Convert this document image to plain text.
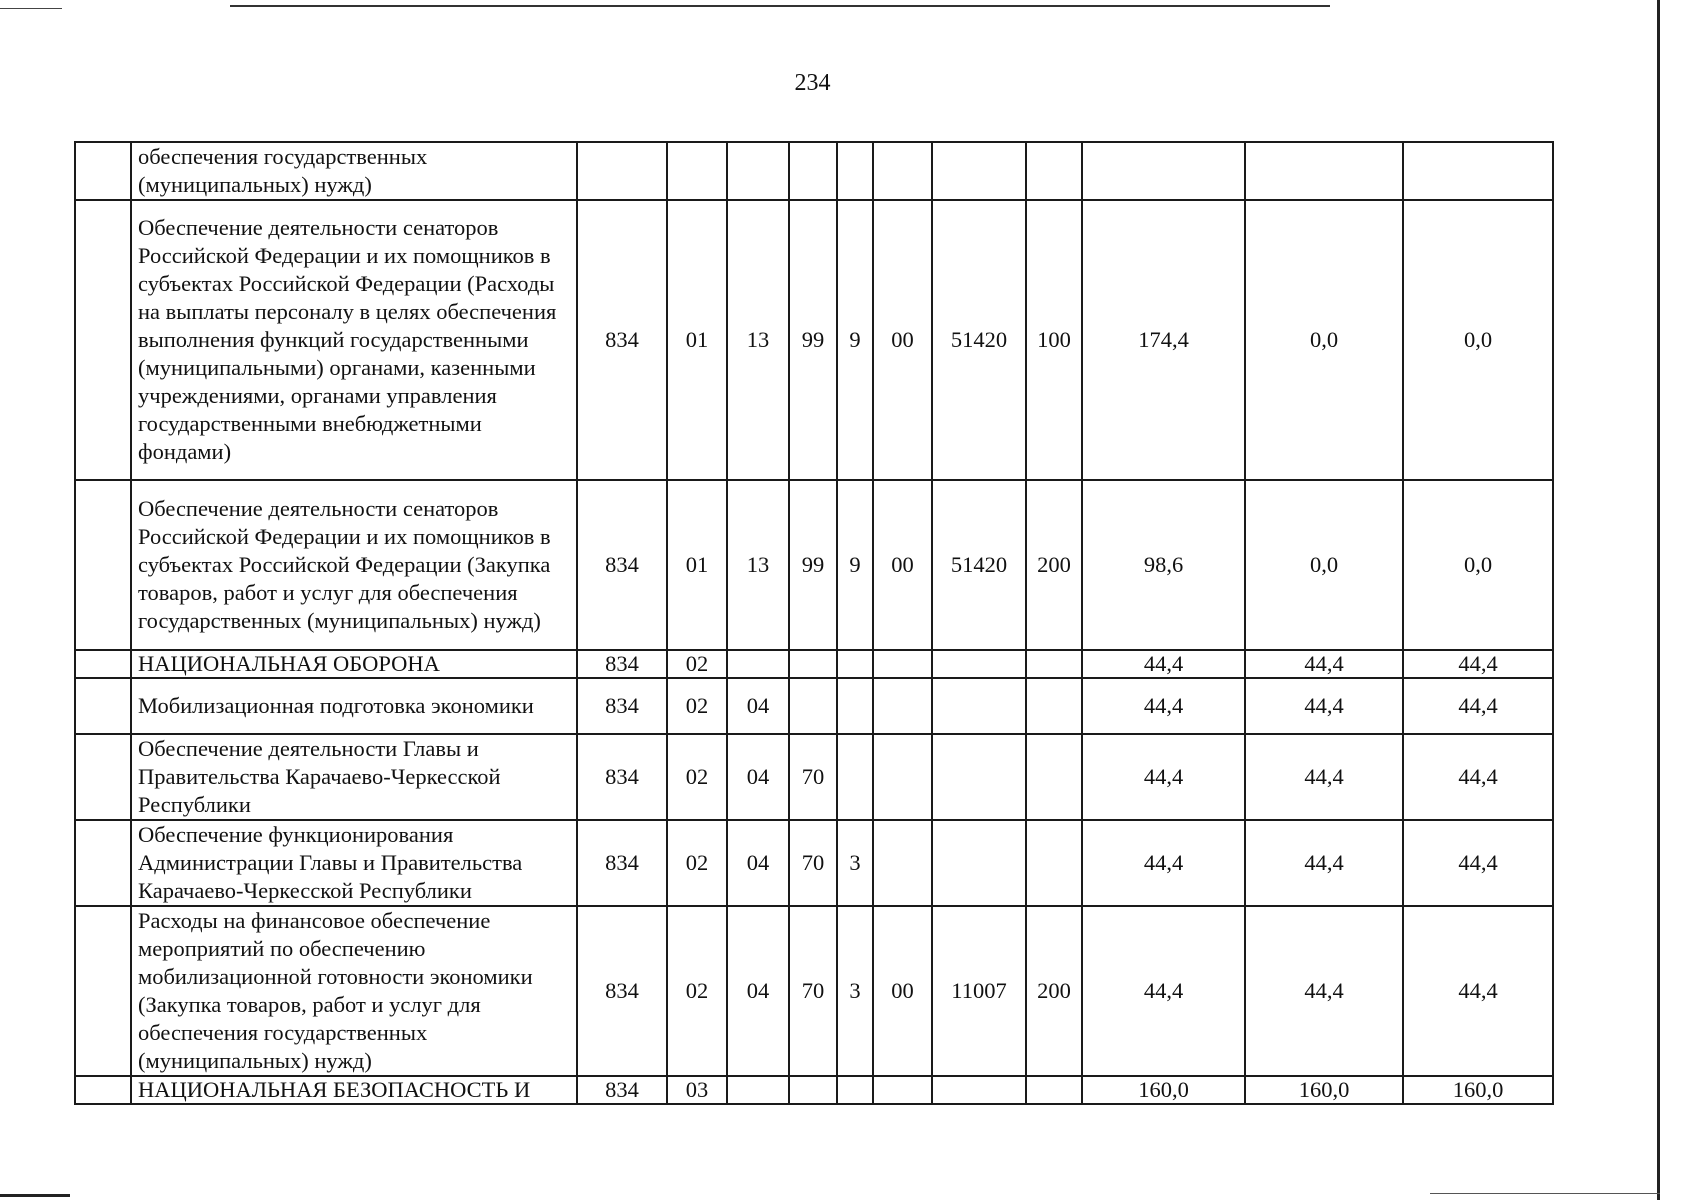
234
	обеспечения государственных (муниципальных) нужд)											
	Обеспечение деятельности сенаторов Российской Федерации и их помощников в субъектах Российской Федерации (Расходы на выплаты персоналу в целях обеспечения выполнения функций государственными (муниципальными) органами, казенными учреждениями, органами управления государственными внебюджетными фондами)	834	01	13	99	9	00	51420	100	174,4	0,0	0,0
	Обеспечение деятельности сенаторов Российской Федерации и их помощников в субъектах Российской Федерации (Закупка товаров, работ и услуг для обеспечения государственных (муниципальных) нужд)	834	01	13	99	9	00	51420	200	98,6	0,0	0,0
	НАЦИОНАЛЬНАЯ ОБОРОНА	834	02							44,4	44,4	44,4
	Мобилизационная подготовка экономики	834	02	04						44,4	44,4	44,4
	Обеспечение деятельности Главы и Правительства Карачаево-Черкесской Республики	834	02	04	70					44,4	44,4	44,4
	Обеспечение функционирования Администрации Главы и Правительства Карачаево-Черкесской Республики	834	02	04	70	3				44,4	44,4	44,4
	Расходы на финансовое обеспечение мероприятий по обеспечению мобилизационной готовности экономики (Закупка товаров, работ и услуг для обеспечения государственных (муниципальных) нужд)	834	02	04	70	3	00	11007	200	44,4	44,4	44,4
	НАЦИОНАЛЬНАЯ БЕЗОПАСНОСТЬ И	834	03							160,0	160,0	160,0
